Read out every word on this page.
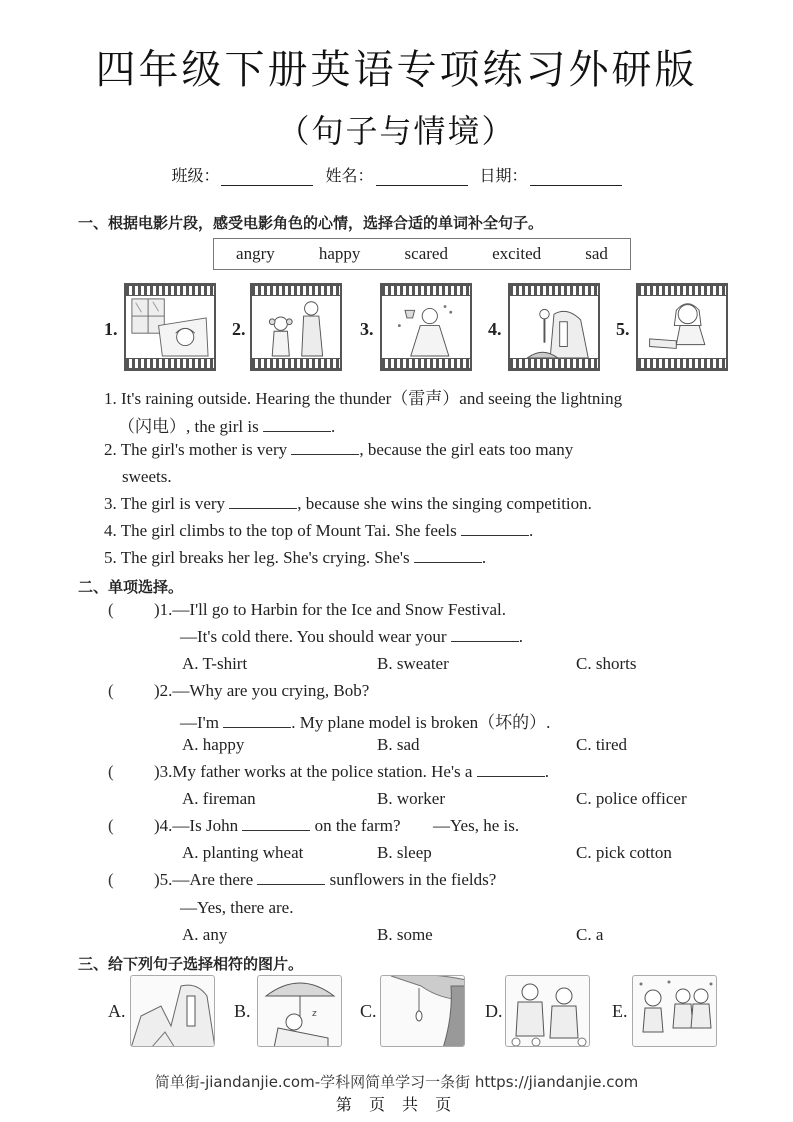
四年级下册英语专项练习外研版
（句子与情境）
班级：	姓名：	日期：
一、根据电影片段，感受电影角色的心情，选择合适的单词补全句子。
angry	happy	scared	excited	sad
1.	2.	3.	4.	5.
1. It's raining outside. Hearing the thunder（雷声）and seeing the lightning
（闪电）, the girl is	.
2. The girl's mother is very	, because the girl eats too many
sweets.
3. The girl is very	, because she wins the singing competition.
4. The girl climbs to the top of Mount Tai. She feels	.
5. The girl breaks her leg. She's crying. She's	.
二、单项选择。
( )1.—I'll go to Harbin for the Ice and Snow Festival.
—It's cold there. You should wear your	.
A. T-shirt	B. sweater	C. shorts
( )2.—Why are you crying, Bob?
—I'm	. My plane model is broken（坏的）.
A. happy	B. sad	C. tired
( )3.My father works at the police station. He's a	.
A. fireman	B. worker	C. police officer
( )4.—Is John	on the farm? —Yes, he is.
A. planting wheat	B. sleep	C. pick cotton
( )5.—Are there	sunflowers in the fields?
—Yes, there are.
A. any	B. some	C. a
三、给下列句子选择相符的图片。
A.	B.	z C.	D.	E.
简单街-jiandanjie.com-学科网简单学习一条街 https://jiandanjie.com
第 页 共 页
